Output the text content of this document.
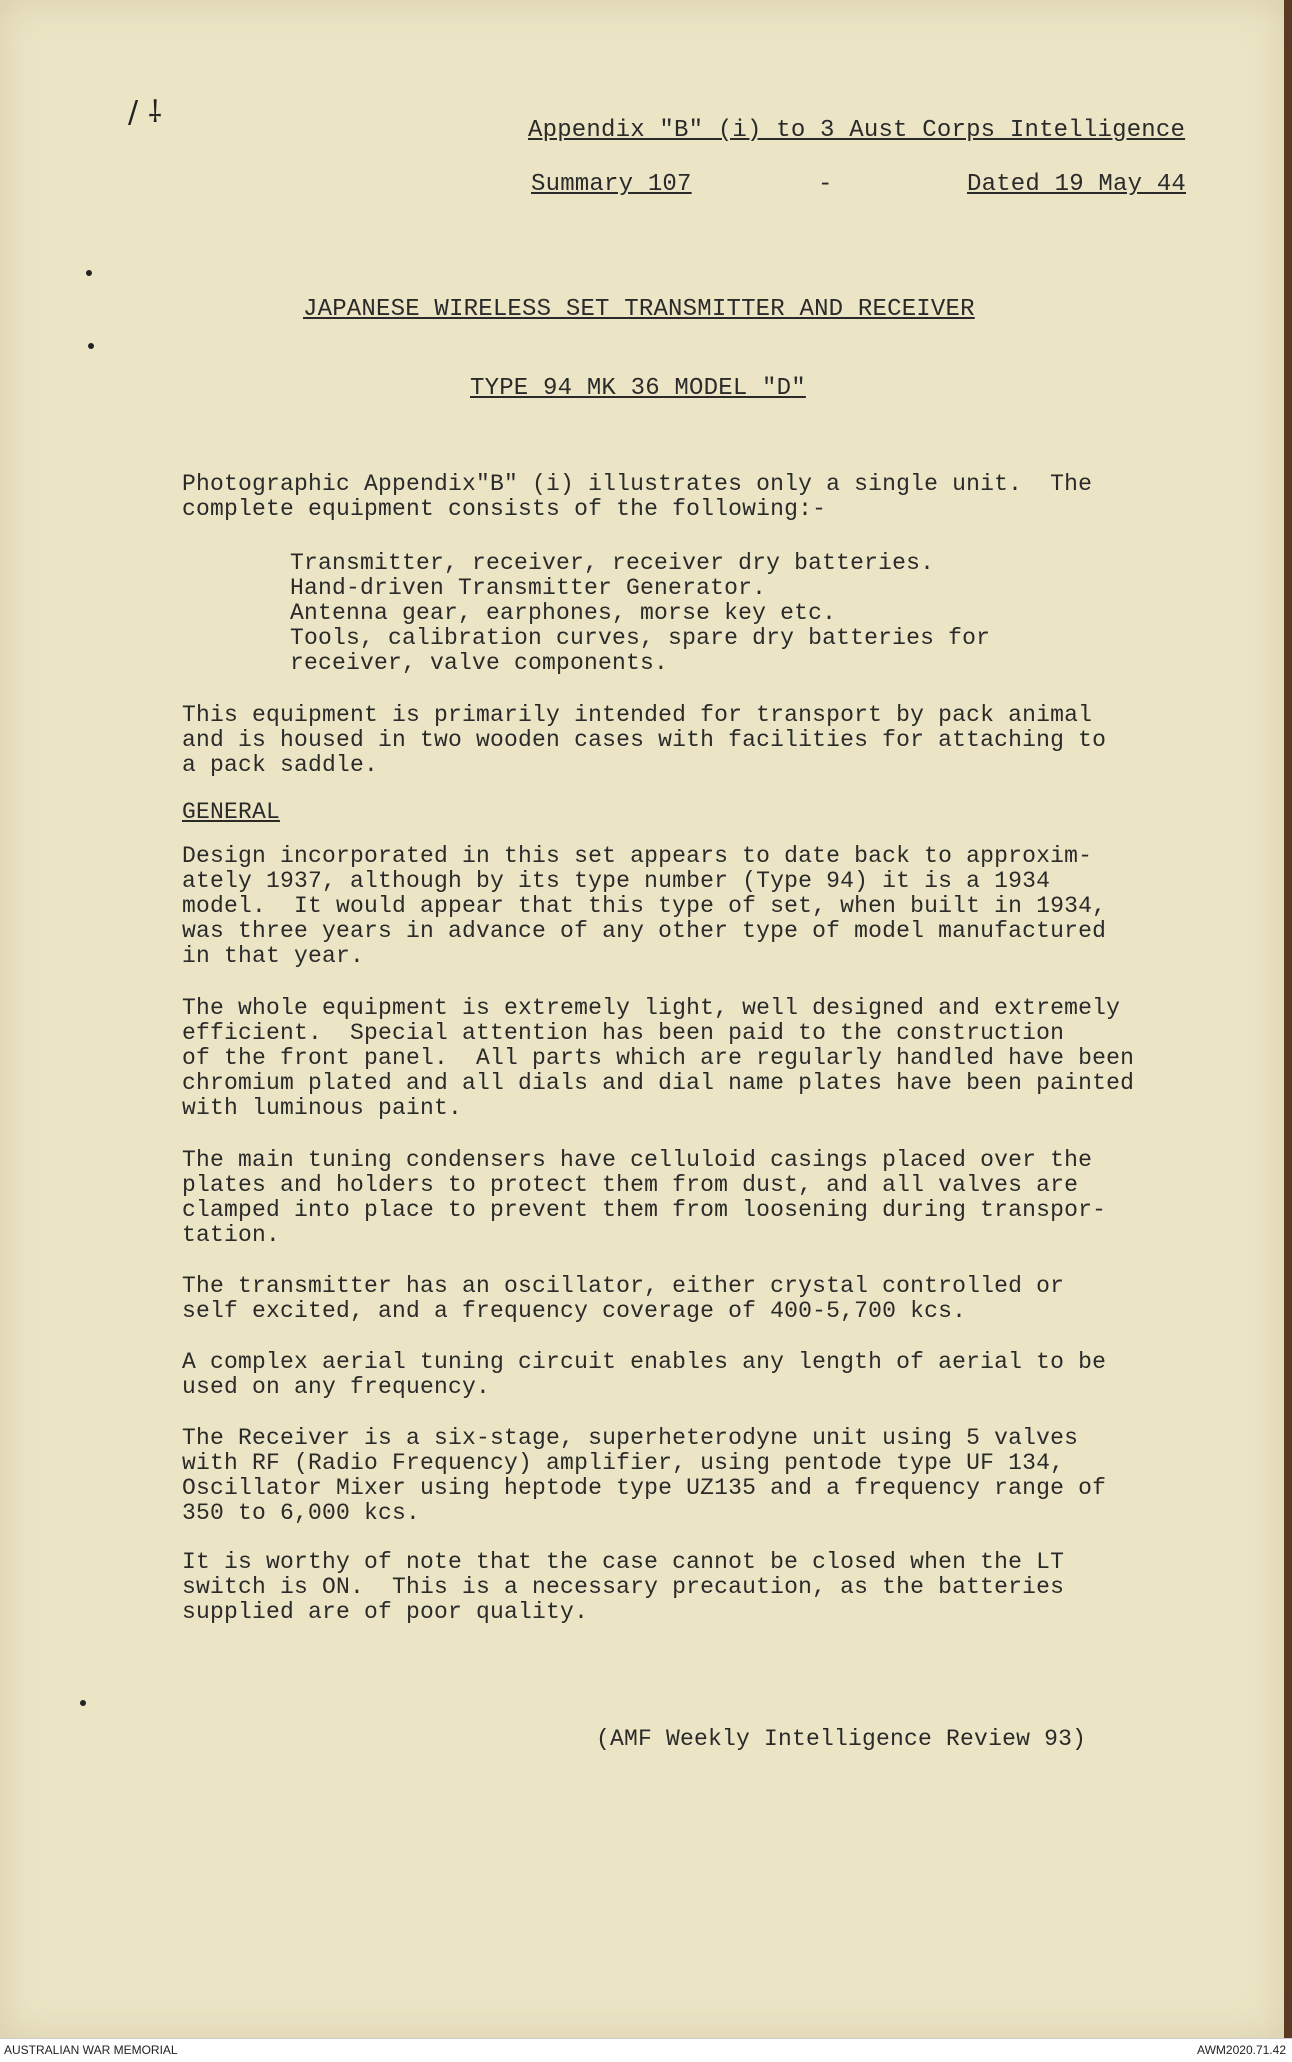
/ ⸸
Appendix "B" (i) to 3 Aust Corps Intelligence
Summary 107	-	Dated 19 May 44
JAPANESE WIRELESS SET TRANSMITTER AND RECEIVER
TYPE 94 MK 36 MODEL "D"
Photographic Appendix"B" (i) illustrates only a single unit.  The
complete equipment consists of the following:-
Transmitter, receiver, receiver dry batteries.
Hand-driven Transmitter Generator.
Antenna gear, earphones, morse key etc.
Tools, calibration curves, spare dry batteries for
receiver, valve components.
This equipment is primarily intended for transport by pack animal
and is housed in two wooden cases with facilities for attaching to
a pack saddle.
GENERAL
Design incorporated in this set appears to date back to approxim-
ately 1937, although by its type number (Type 94) it is a 1934
model.  It would appear that this type of set, when built in 1934,
was three years in advance of any other type of model manufactured
in that year.
The whole equipment is extremely light, well designed and extremely
efficient.  Special attention has been paid to the construction
of the front panel.  All parts which are regularly handled have been
chromium plated and all dials and dial name plates have been painted
with luminous paint.
The main tuning condensers have celluloid casings placed over the
plates and holders to protect them from dust, and all valves are
clamped into place to prevent them from loosening during transpor-
tation.
The transmitter has an oscillator, either crystal controlled or
self excited, and a frequency coverage of 400-5,700 kcs.
A complex aerial tuning circuit enables any length of aerial to be
used on any frequency.
The Receiver is a six-stage, superheterodyne unit using 5 valves
with RF (Radio Frequency) amplifier, using pentode type UF 134,
Oscillator Mixer using heptode type UZ135 and a frequency range of
350 to 6,000 kcs.
It is worthy of note that the case cannot be closed when the LT
switch is ON.  This is a necessary precaution, as the batteries
supplied are of poor quality.
(AMF Weekly Intelligence Review 93)
AUSTRALIAN WAR MEMORIAL	AWM2020.71.42
